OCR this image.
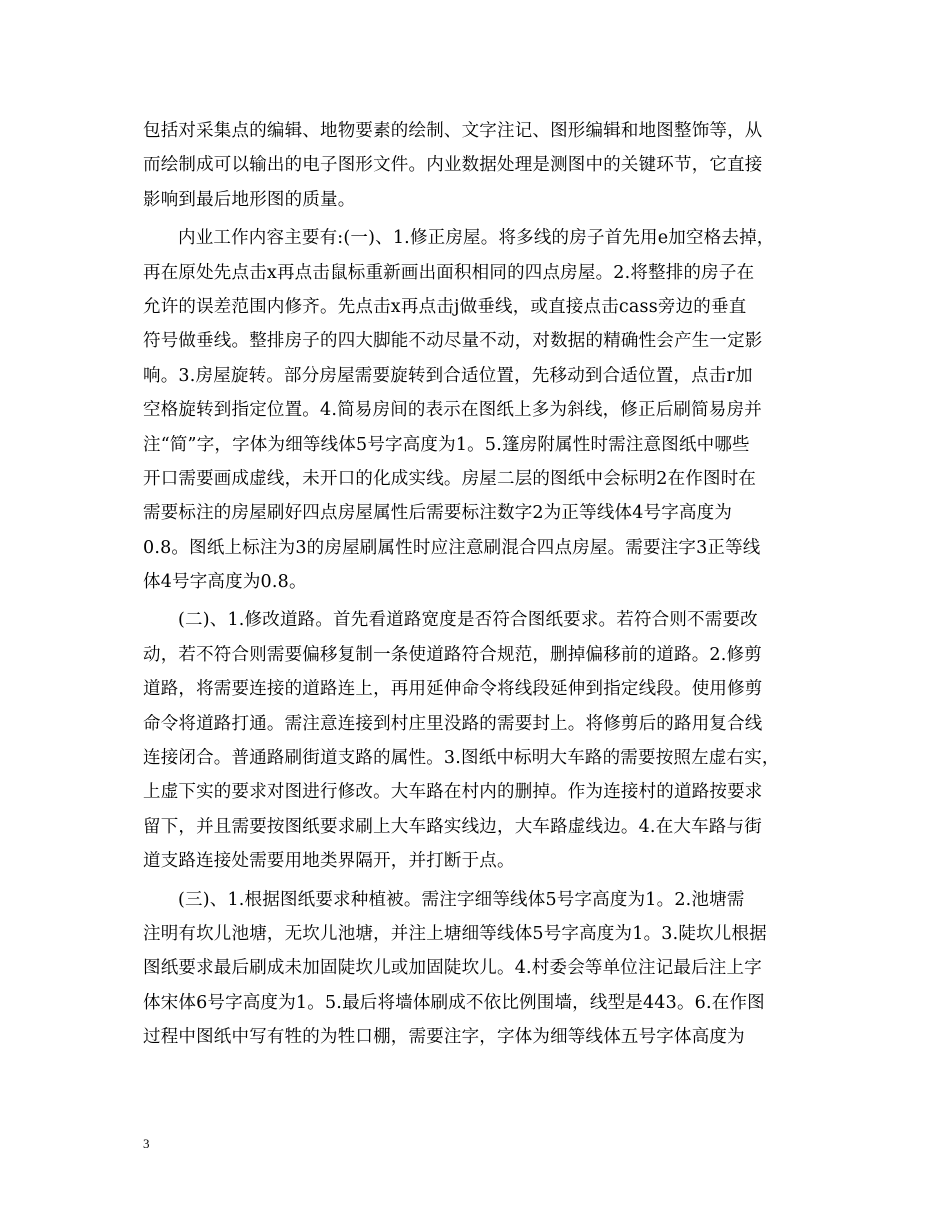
包括对采集点的编辑、地物要素的绘制、文字注记、图形编辑和地图整饰等，从
而绘制成可以输出的电子图形文件。内业数据处理是测图中的关键环节，它直接
影响到最后地形图的质量。
内业工作内容主要有:(一)、1.修正房屋。将多线的房子首先用e加空格去掉，
再在原处先点击x再点击鼠标重新画出面积相同的四点房屋。2.将整排的房子在
允许的误差范围内修齐。先点击x再点击j做垂线，或直接点击cass旁边的垂直
符号做垂线。整排房子的四大脚能不动尽量不动，对数据的精确性会产生一定影
响。3.房屋旋转。部分房屋需要旋转到合适位置，先移动到合适位置，点击r加
空格旋转到指定位置。4.简易房间的表示在图纸上多为斜线，修正后刷简易房并
注“简”字，字体为细等线体5号字高度为1。5.篷房附属性时需注意图纸中哪些
开口需要画成虚线，未开口的化成实线。房屋二层的图纸中会标明2在作图时在
需要标注的房屋刷好四点房屋属性后需要标注数字2为正等线体4号字高度为
0.8。图纸上标注为3的房屋刷属性时应注意刷混合四点房屋。需要注字3正等线
体4号字高度为0.8。
(二)、1.修改道路。首先看道路宽度是否符合图纸要求。若符合则不需要改
动，若不符合则需要偏移复制一条使道路符合规范，删掉偏移前的道路。2.修剪
道路，将需要连接的道路连上，再用延伸命令将线段延伸到指定线段。使用修剪
命令将道路打通。需注意连接到村庄里没路的需要封上。将修剪后的路用复合线
连接闭合。普通路刷街道支路的属性。3.图纸中标明大车路的需要按照左虚右实，
上虚下实的要求对图进行修改。大车路在村内的删掉。作为连接村的道路按要求
留下，并且需要按图纸要求刷上大车路实线边，大车路虚线边。4.在大车路与街
道支路连接处需要用地类界隔开，并打断于点。
(三)、1.根据图纸要求种植被。需注字细等线体5号字高度为1。2.池塘需
注明有坎儿池塘，无坎儿池塘，并注上塘细等线体5号字高度为1。3.陡坎儿根据
图纸要求最后刷成未加固陡坎儿或加固陡坎儿。4.村委会等单位注记最后注上字
体宋体6号字高度为1。5.最后将墙体刷成不依比例围墙，线型是443。6.在作图
过程中图纸中写有牲的为牲口棚，需要注字，字体为细等线体五号字体高度为
3
